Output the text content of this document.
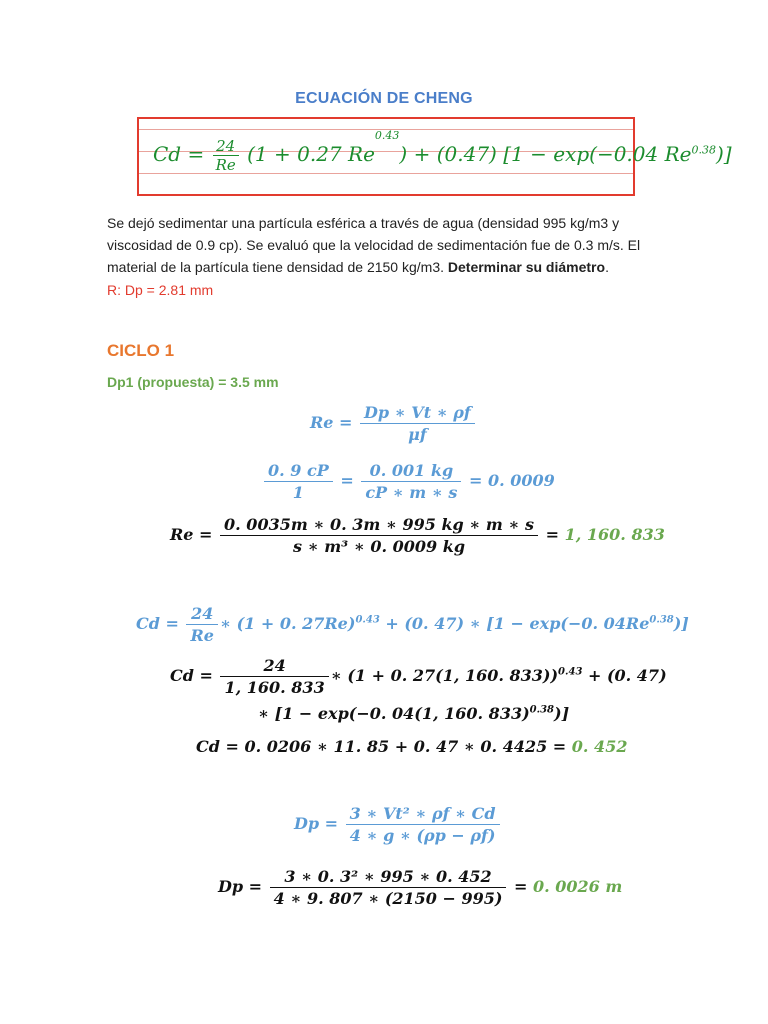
ECUACIÓN DE CHENG
$Cd = \frac{24}{Re} (1 + 0.27$ $Re^{0.43}) + (0.47)$ [1 − exp(−0.04 $Re^{0.38}$)]
Se dejó sedimentar una partícula esférica a través de agua (densidad 995 kg/m3 y viscosidad de 0.9 cp). Se evaluó que la velocidad de sedimentación fue de 0.3 m/s. El material de la partícula tiene densidad de 2150 kg/m3. Determinar su diámetro.
R: Dp = 2.81 mm
CICLO 1
Dp1 (propuesta) = 3.5 mm
$Re = \frac{Dp ∗ Vt ∗ \rho f}{\mu f}$
$\frac{0. 9 cP}{1} = \frac{0. 001 kg}{cP ∗ m ∗ s} = 0$. 0009
$Re = \frac{0. 0035m ∗ 0. 3m ∗ 995 kg ∗ m ∗ s}{\text{s ∗ m³ ∗ 0. 0009 kg}} = 1$, 160. 833
$Cd = \frac{24}{Re}$ ∗ (1 + 0. 27Re)$^{0.43}$ + (0. 47) ∗ [1 − exp(−0. $04Re^{0.38}$)]
$Cd = \frac{24}{1, 160. 833}$ ∗ (1 + 0. 27(1, 160. 833))$^{0.43}$ + (0. 47)
∗ [1 − exp(−0. 04(1, 160. 833)$^{0.38}$)]
Cd = 0. 0206 ∗ 11. 85 + 0. 47 ∗ 0. 4425 = 0. 452
$Dp = \frac{\text{3 ∗ Vt² ∗ ρf ∗ Cd}}{4 ∗ g ∗ (\rho p - \rho f)}$
$Dp = \frac{\text{3 ∗ 0. 3² ∗ 995 ∗ 0. 452}}{4 ∗ 9. 807 ∗ (2150 - 995)} = 0$. 0026 m
